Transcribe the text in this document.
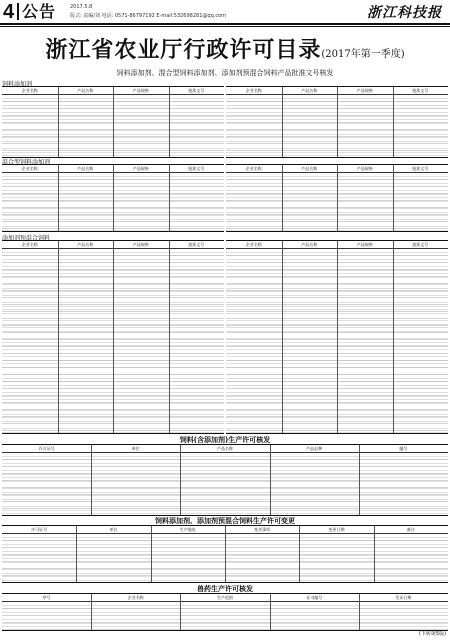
4 公告	2017.5.8
版式: 责编/刘 电话: 0571-86797192 E-mail:532698281@qq.com	浙江科技报
浙江省农业厅行政许可目录(2017年第一季度)
饲料添加剂、混合型饲料添加剂、添加剂预混合饲料产品批准文号核发
饲料添加剂
企业名称	产品名称	产品规格	批准文号	企业名称	产品名称	产品规格	批准文号
混合型饲料添加剂
企业名称	产品名称	产品规格	批准文号	企业名称	产品名称	产品规格	批准文号
添加剂预混合饲料
企业名称	产品名称	产品规格	批准文号	企业名称	产品名称	产品规格	批准文号
饲料(含添加剂)生产许可核发
许可证号	单位	产品名称	产品品种	编号
饲料添加剂、添加剂预混合饲料生产许可变更
许可证号	单位	生产地址	变更事项	变更日期	备注
兽药生产许可核发
序号	企业名称	生产范围	证书编号	发证日期
(下转第5版)
